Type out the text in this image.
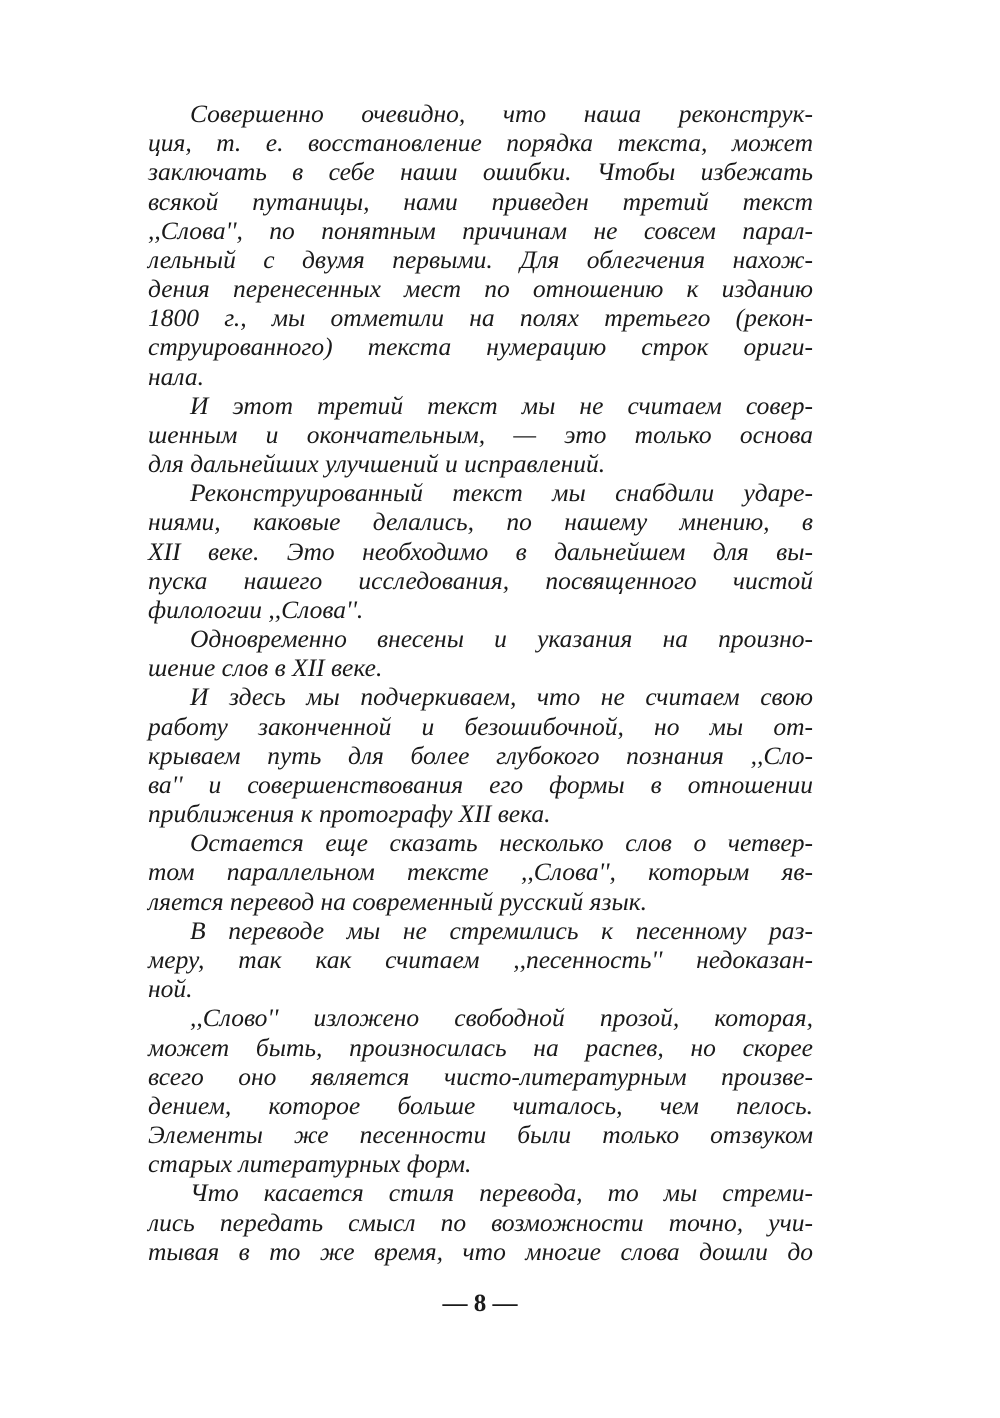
Совершенно очевидно, что наша реконструк-
ция, т. е. восстановление порядка текста, может
заключать в себе наши ошибки. Чтобы избежать
всякой путаницы, нами приведен третий текст
,,Слова'', по понятным причинам не совсем парал-
лельный с двумя первыми. Для облегчения нахож-
дения перенесенных мест по отношению к изданию
1800 г., мы отметили на полях третьего (рекон-
струированного) текста нумерацию строк ориги-
нала.
И этот третий текст мы не считаем совер-
шенным и окончательным, — это только основа
для дальнейших улучшений и исправлений.
Реконструированный текст мы снабдили ударе-
ниями, каковые делались, по нашему мнению, в
XII веке. Это необходимо в дальнейшем для вы-
пуска нашего исследования, посвященного чистой
филологии ,,Слова''.
Одновременно внесены и указания на произно-
шение слов в XII веке.
И здесь мы подчеркиваем, что не считаем свою
работу законченной и безошибочной, но мы от-
крываем путь для более глубокого познания ,,Сло-
ва'' и совершенствования его формы в отношении
приближения к протографу XII века.
Остается еще сказать несколько слов о четвер-
том параллельном тексте ,,Слова'', которым яв-
ляется перевод на современный русский язык.
В переводе мы не стремились к песенному раз-
меру, так как считаем ,,песенность'' недоказан-
ной.
,,Слово'' изложено свободной прозой, которая,
может быть, произносилась на распев, но скорее
всего оно является чисто-литературным произве-
дением, которое больше читалось, чем пелось.
Элементы же песенности были только отзвуком
старых литературных форм.
Что касается стиля перевода, то мы стреми-
лись передать смысл по возможности точно, учи-
тывая в то же время, что многие слова дошли до
— 8 —
